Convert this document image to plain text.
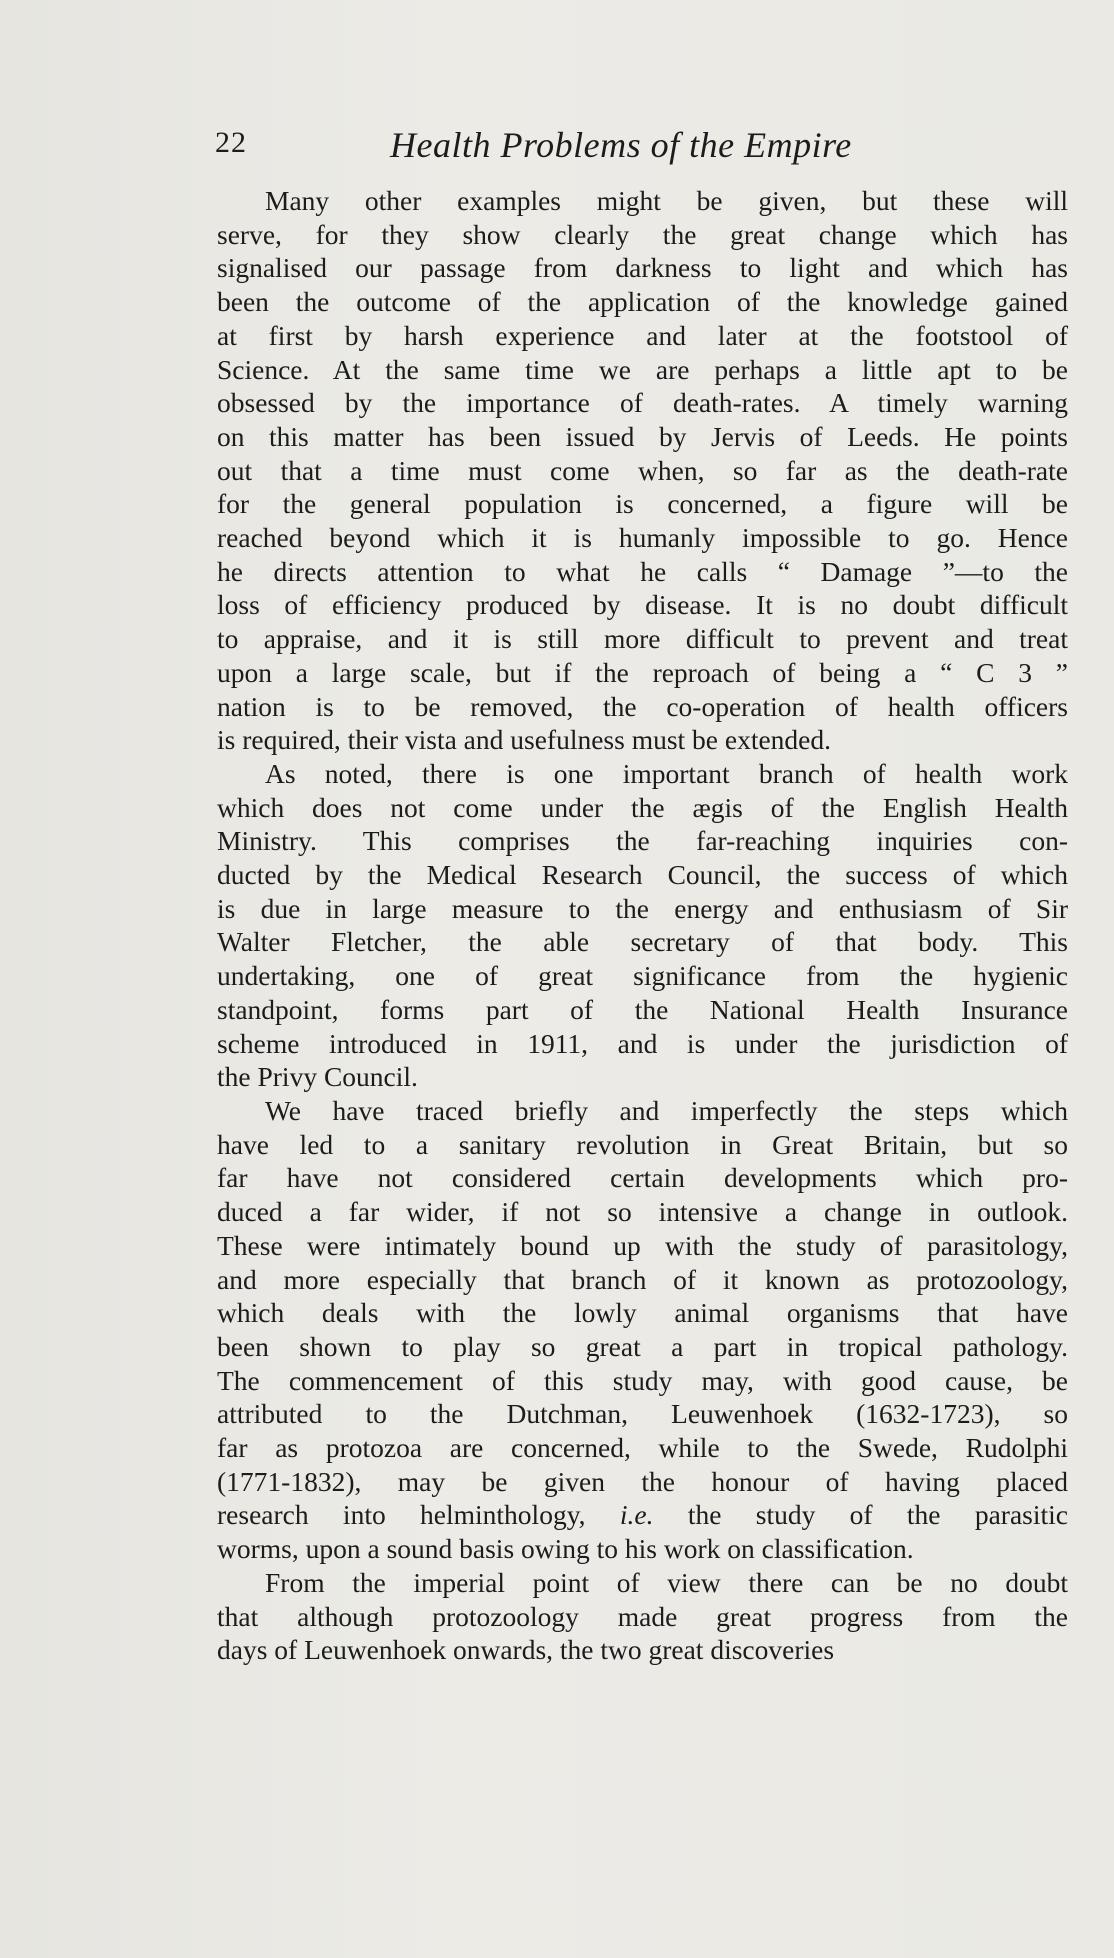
22	Health Problems of the Empire
Many other examples might be given, but these will
serve, for they show clearly the great change which has
signalised our passage from darkness to light and which has
been the outcome of the application of the knowledge gained
at first by harsh experience and later at the footstool of
Science. At the same time we are perhaps a little apt to be
obsessed by the importance of death-rates. A timely warning
on this matter has been issued by Jervis of Leeds. He points
out that a time must come when, so far as the death-rate
for the general population is concerned, a figure will be
reached beyond which it is humanly impossible to go. Hence
he directs attention to what he calls “ Damage ”—to the
loss of efficiency produced by disease. It is no doubt difficult
to appraise, and it is still more difficult to prevent and treat
upon a large scale, but if the reproach of being a “ C 3 ”
nation is to be removed, the co-operation of health officers
is required, their vista and usefulness must be extended.
As noted, there is one important branch of health work
which does not come under the ægis of the English Health
Ministry. This comprises the far-reaching inquiries con-
ducted by the Medical Research Council, the success of which
is due in large measure to the energy and enthusiasm of Sir
Walter Fletcher, the able secretary of that body. This
undertaking, one of great significance from the hygienic
standpoint, forms part of the National Health Insurance
scheme introduced in 1911, and is under the jurisdiction of
the Privy Council.
We have traced briefly and imperfectly the steps which
have led to a sanitary revolution in Great Britain, but so
far have not considered certain developments which pro-
duced a far wider, if not so intensive a change in outlook.
These were intimately bound up with the study of parasitology,
and more especially that branch of it known as protozoology,
which deals with the lowly animal organisms that have
been shown to play so great a part in tropical pathology.
The commencement of this study may, with good cause, be
attributed to the Dutchman, Leuwenhoek (1632-1723), so
far as protozoa are concerned, while to the Swede, Rudolphi
(1771-1832), may be given the honour of having placed
research into helminthology, i.e. the study of the parasitic
worms, upon a sound basis owing to his work on classification.
From the imperial point of view there can be no doubt
that although protozoology made great progress from the
days of Leuwenhoek onwards, the two great discoveries
